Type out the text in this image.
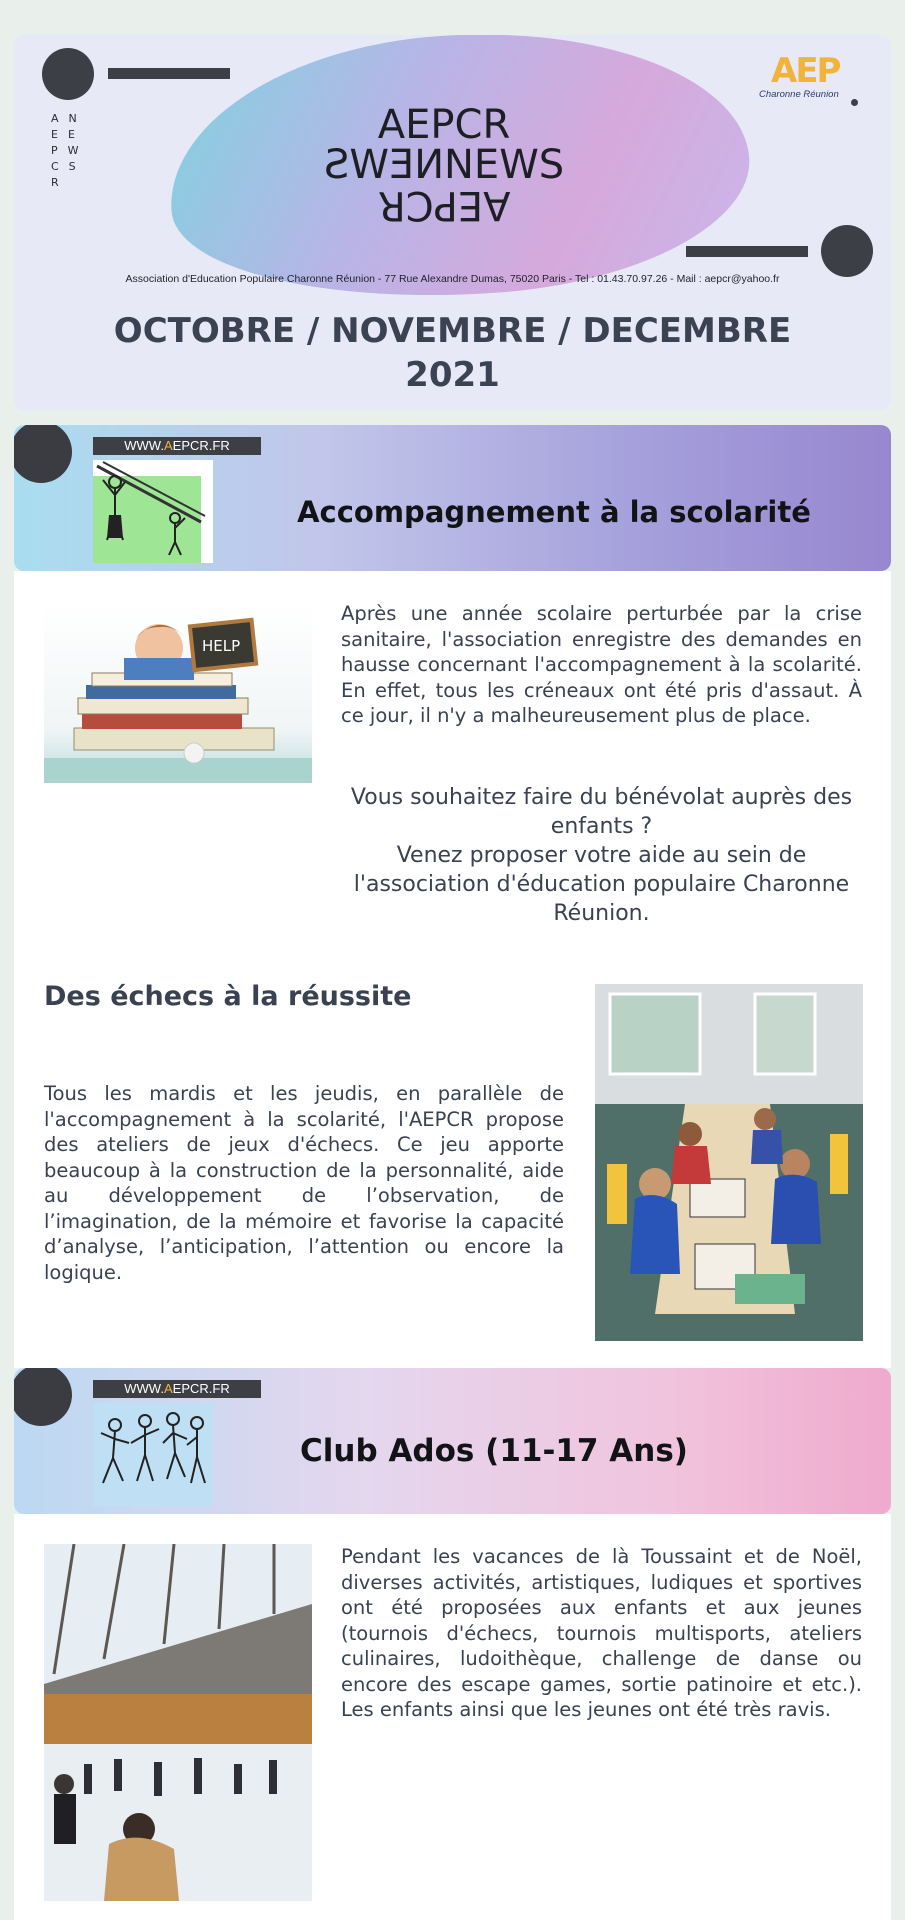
A  N
E  E
P  W
C  S
R
AEPCR
NEWSNEWS
AEPCR
AEP
Charonne Réunion
Association d'Education Populaire Charonne Réunion - 77 Rue Alexandre Dumas, 75020 Paris - Tel : 01.43.70.97.26 - Mail : aepcr@yahoo.fr
OCTOBRE / NOVEMBRE / DECEMBRE 2021
WWW.AEPCR.FR
Accompagnement à la scolarité
HELP

Après une année scolaire perturbée par la crise sanitaire, l'association enregistre des demandes en hausse concernant l'accompagnement à la scolarité. En effet, tous les créneaux ont été pris d'assaut. À ce jour, il n'y a malheureusement plus de place.

Vous souhaitez faire du bénévolat auprès des enfants ?

Venez proposer votre aide au sein de l'association d'éducation populaire Charonne Réunion.

Des échecs à la réussite

Tous les mardis et les jeudis, en parallèle de l'accompagnement à la scolarité, l'AEPCR propose des ateliers de jeux d'échecs. Ce jeu apporte beaucoup à la construction de la personnalité, aide au développement de l’observation, de l’imagination, de la mémoire et favorise la capacité d’analyse, l’anticipation, l’attention ou encore la logique.

WWW.AEPCR.FR
Club Ados (11-17 Ans)

Pendant les vacances de là Toussaint et de Noël, diverses activités, artistiques, ludiques et sportives ont été proposées aux enfants et aux jeunes (tournois d'échecs, tournois multisports, ateliers culinaires, ludoithèque, challenge de danse ou encore des escape games, sortie patinoire et etc.). Les enfants ainsi que les jeunes ont été très ravis.
